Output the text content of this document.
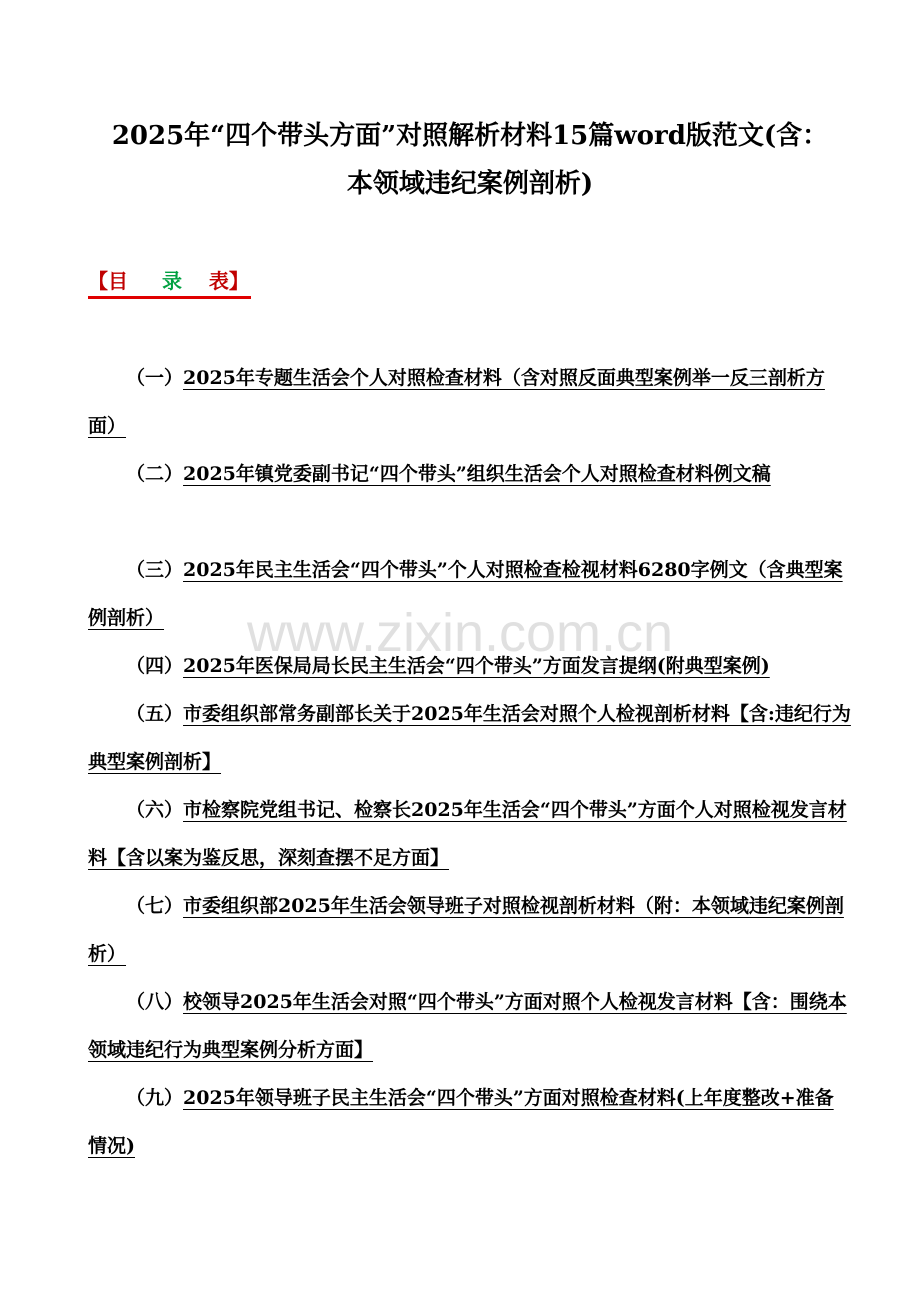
2025年“四个带头方面”对照解析材料15篇word版范文(含：
本领域违纪案例剖析)
【目 录 表】

（一）2025年专题生活会个人对照检查材料（含对照反面典型案例举一反三剖析方面）

（二）2025年镇党委副书记“四个带头”组织生活会个人对照检查材料例文稿

（三）2025年民主生活会“四个带头”个人对照检查检视材料6280字例文（含典型案例剖析）

（四）2025年医保局局长民主生活会“四个带头”方面发言提纲(附典型案例)

（五）市委组织部常务副部长关于2025年生活会对照个人检视剖析材料【含:违纪行为典型案例剖析】

（六）市检察院党组书记、检察长2025年生活会“四个带头”方面个人对照检视发言材料【含以案为鉴反思，深刻查摆不足方面】

（七）市委组织部2025年生活会领导班子对照检视剖析材料（附：本领域违纪案例剖析）

（八）校领导2025年生活会对照“四个带头”方面对照个人检视发言材料【含：围绕本领域违纪行为典型案例分析方面】

（九）2025年领导班子民主生活会“四个带头”方面对照检查材料(上年度整改+准备情况)

www.zixin.com.cn
